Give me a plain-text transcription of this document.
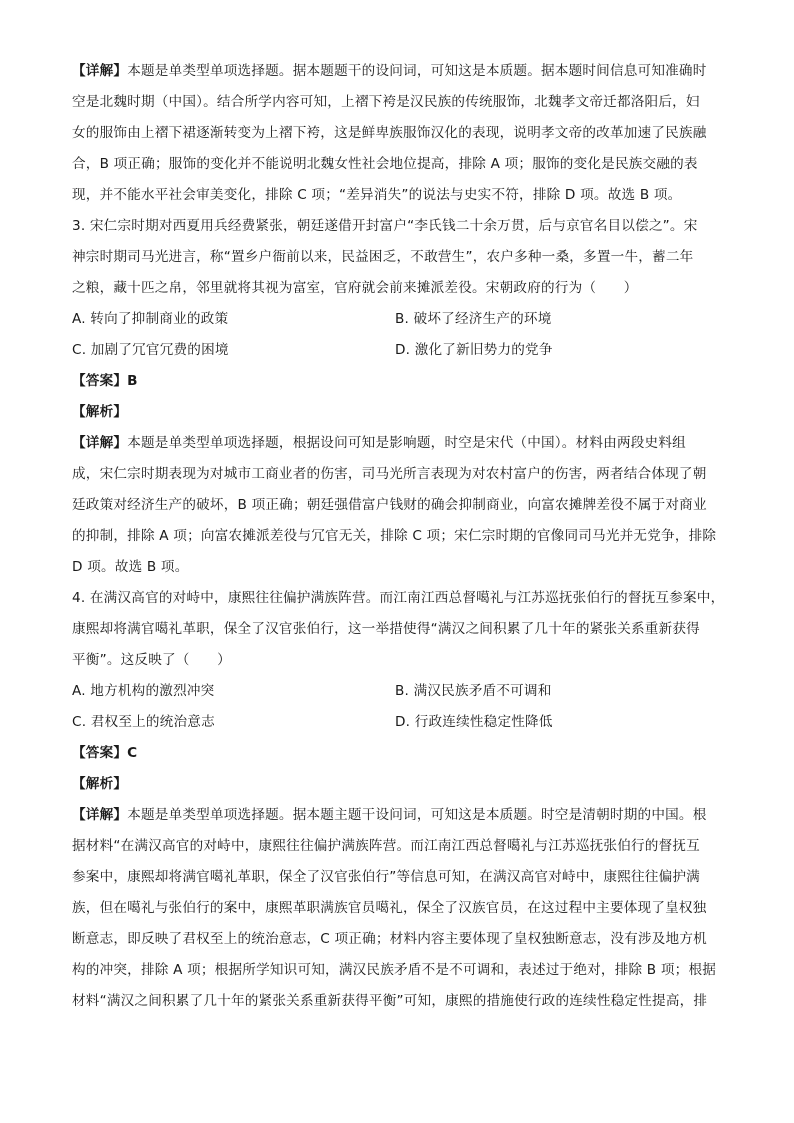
【详解】本题是单类型单项选择题。据本题题干的设问词，可知这是本质题。据本题时间信息可知准确时
空是北魏时期（中国）。结合所学内容可知，上褶下袴是汉民族的传统服饰，北魏孝文帝迁都洛阳后，妇
女的服饰由上褶下裙逐渐转变为上褶下袴，这是鲜卑族服饰汉化的表现，说明孝文帝的改革加速了民族融
合，B 项正确；服饰的变化并不能说明北魏女性社会地位提高，排除 A 项；服饰的变化是民族交融的表
现，并不能水平社会审美变化，排除 C 项；“差异消失”的说法与史实不符，排除 D 项。故选 B 项。
3. 宋仁宗时期对西夏用兵经费紧张，朝廷遂借开封富户“李氏钱二十余万贯，后与京官名目以偿之”。宋
神宗时期司马光进言，称“置乡户衙前以来，民益困乏，不敢营生”，农户多种一桑，多置一牛，蓄二年
之粮，藏十匹之帛，邻里就将其视为富室，官府就会前来摊派差役。宋朝政府的行为（　　）
A. 转向了抑制商业的政策	B. 破坏了经济生产的环境
C. 加剧了冗官冗费的困境	D. 激化了新旧势力的党争
【答案】B
【解析】
【详解】本题是单类型单项选择题，根据设问可知是影响题，时空是宋代（中国）。材料由两段史料组
成，宋仁宗时期表现为对城市工商业者的伤害，司马光所言表现为对农村富户的伤害，两者结合体现了朝
廷政策对经济生产的破坏，B 项正确；朝廷强借富户钱财的确会抑制商业，向富农摊牌差役不属于对商业
的抑制，排除 A 项；向富农摊派差役与冗官无关，排除 C 项；宋仁宗时期的官像同司马光并无党争，排除
D 项。故选 B 项。
4. 在满汉高官的对峙中，康熙往往偏护满族阵营。而江南江西总督噶礼与江苏巡抚张伯行的督抚互参案中，
康熙却将满官噶礼革职，保全了汉官张伯行，这一举措使得“满汉之间积累了几十年的紧张关系重新获得
平衡”。这反映了（　　）
A. 地方机构的激烈冲突	B. 满汉民族矛盾不可调和
C. 君权至上的统治意志	D. 行政连续性稳定性降低
【答案】C
【解析】
【详解】本题是单类型单项选择题。据本题主题干设问词，可知这是本质题。时空是清朝时期的中国。根
据材料“在满汉高官的对峙中，康熙往往偏护满族阵营。而江南江西总督噶礼与江苏巡抚张伯行的督抚互
参案中，康熙却将满官噶礼革职，保全了汉官张伯行”等信息可知，在满汉高官对峙中，康熙往往偏护满
族，但在噶礼与张伯行的案中，康熙革职满族官员噶礼，保全了汉族官员，在这过程中主要体现了皇权独
断意志，即反映了君权至上的统治意志，C 项正确；材料内容主要体现了皇权独断意志，没有涉及地方机
构的冲突，排除 A 项；根据所学知识可知，满汉民族矛盾不是不可调和，表述过于绝对，排除 B 项；根据
材料“满汉之间积累了几十年的紧张关系重新获得平衡”可知，康熙的措施使行政的连续性稳定性提高，排
